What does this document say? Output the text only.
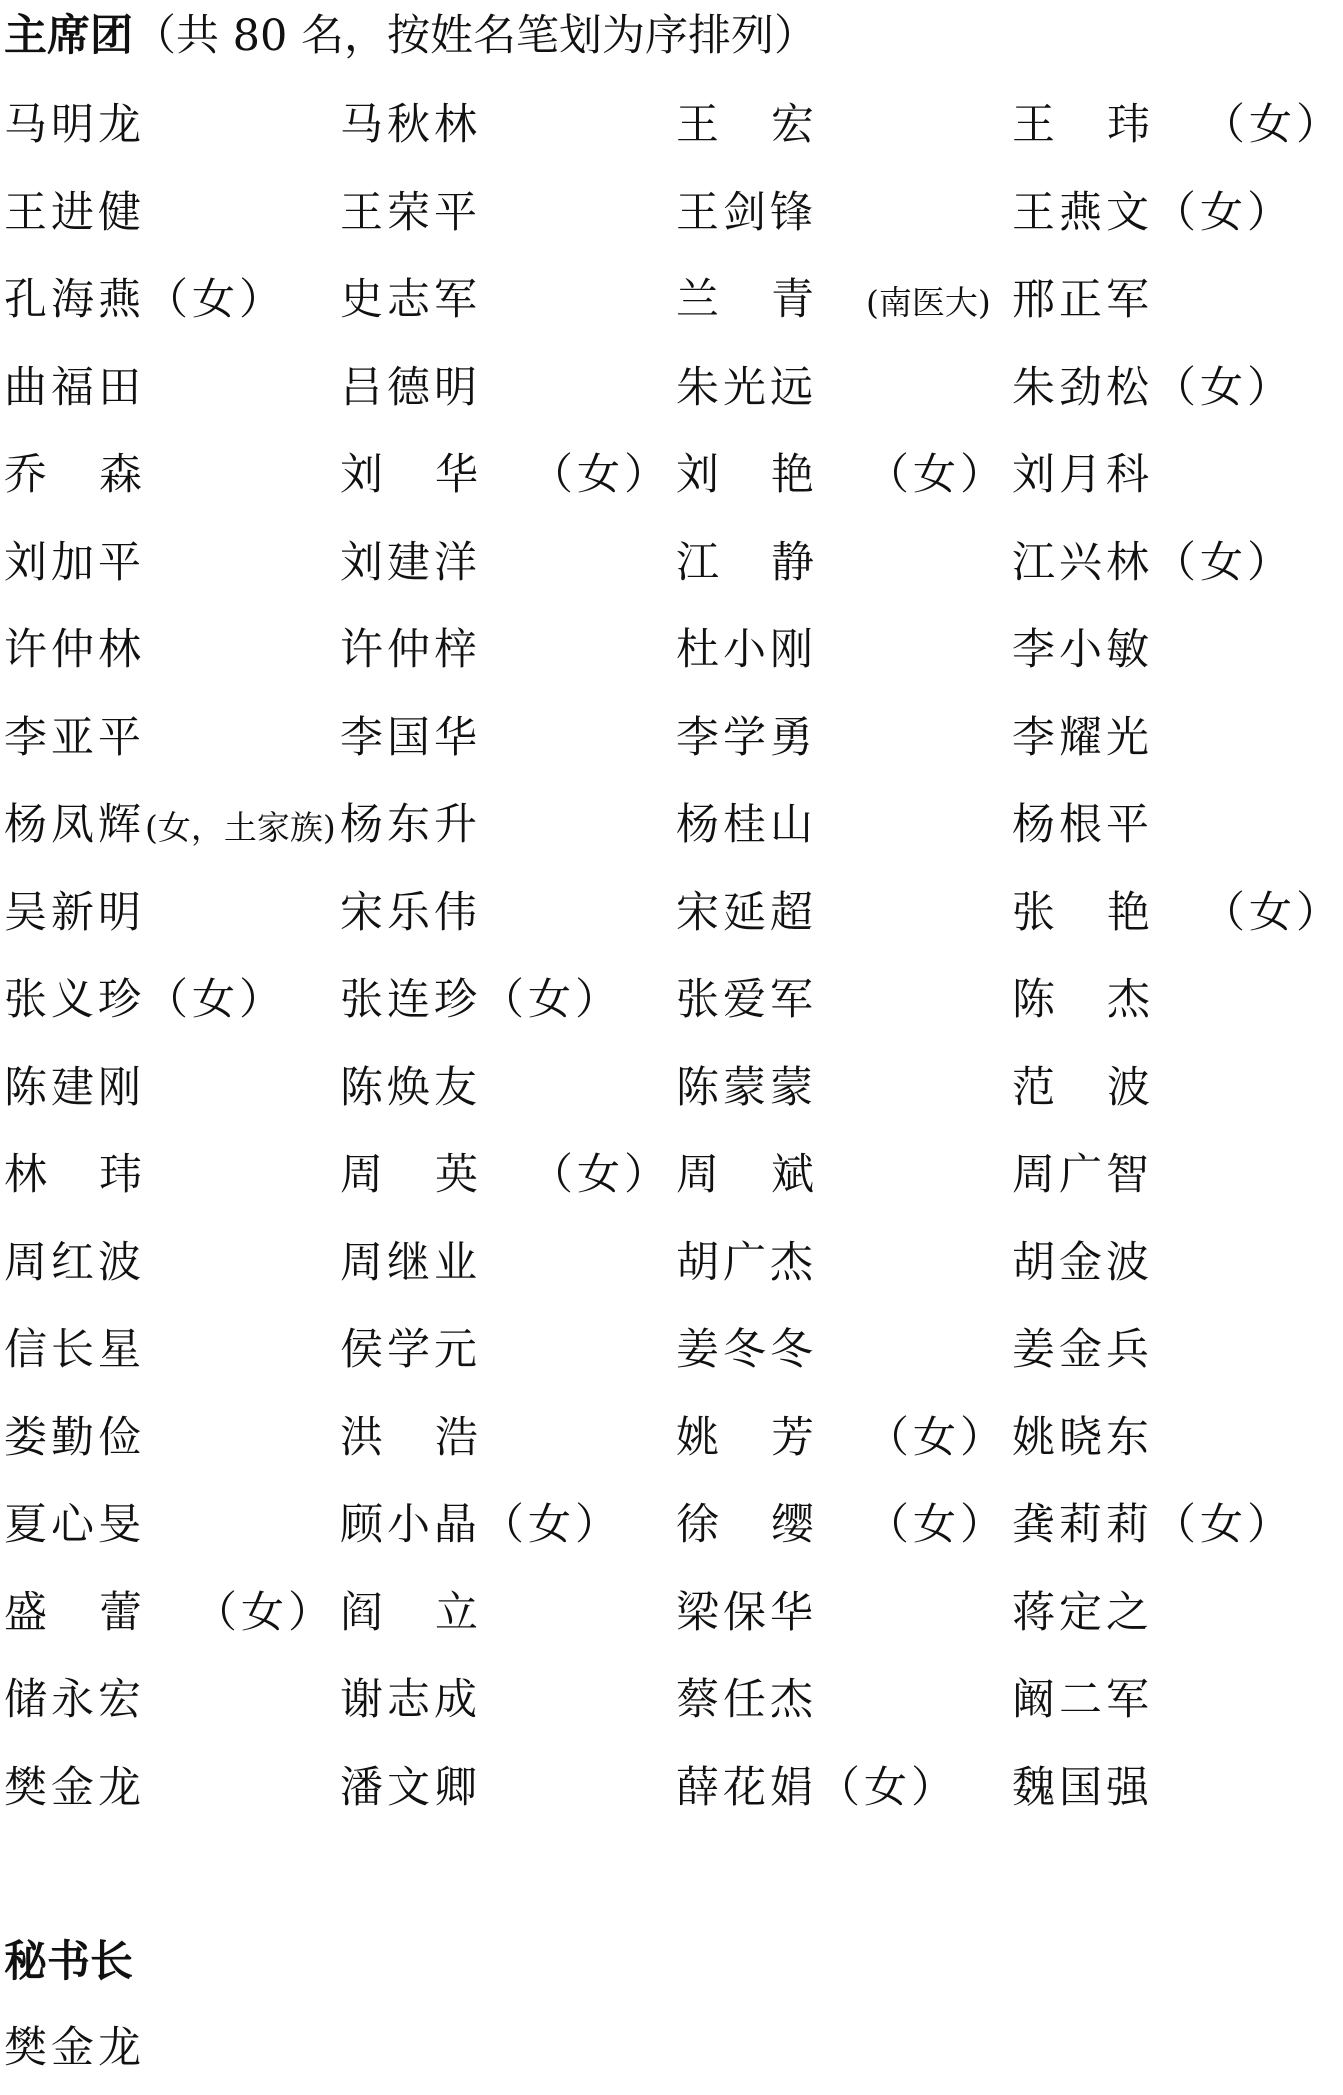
主席团（共 80 名，按姓名笔划为序排列）
马明龙	马秋林	王宏	王玮（女）
王进健	王荣平	王剑锋	王燕文（女）
孔海燕（女）	史志军	兰青(南医大) 邢正军
曲福田	吕德明	朱光远	朱劲松（女）
乔森	刘华（女） 刘艳（女） 刘月科
刘加平	刘建洋	江静	江兴林（女）
许仲林	许仲梓	杜小刚	李小敏
李亚平	李国华	李学勇	李耀光
杨凤辉(女，土家族) 杨东升	杨桂山	杨根平
吴新明	宋乐伟	宋延超	张艳（女）
张义珍（女）	张连珍（女）	张爱军	陈杰
陈建刚	陈焕友	陈蒙蒙	范波
林玮	周英（女） 周斌	周广智
周红波	周继业	胡广杰	胡金波
信长星	侯学元	姜冬冬	姜金兵
娄勤俭	洪浩	姚芳（女） 姚晓东
夏心旻	顾小晶（女）	徐缨（女） 龚莉莉（女）
盛蕾（女） 阎立	梁保华	蒋定之
储永宏	谢志成	蔡任杰	阚二军
樊金龙	潘文卿	薛花娟（女）	魏国强
秘书长
樊金龙
